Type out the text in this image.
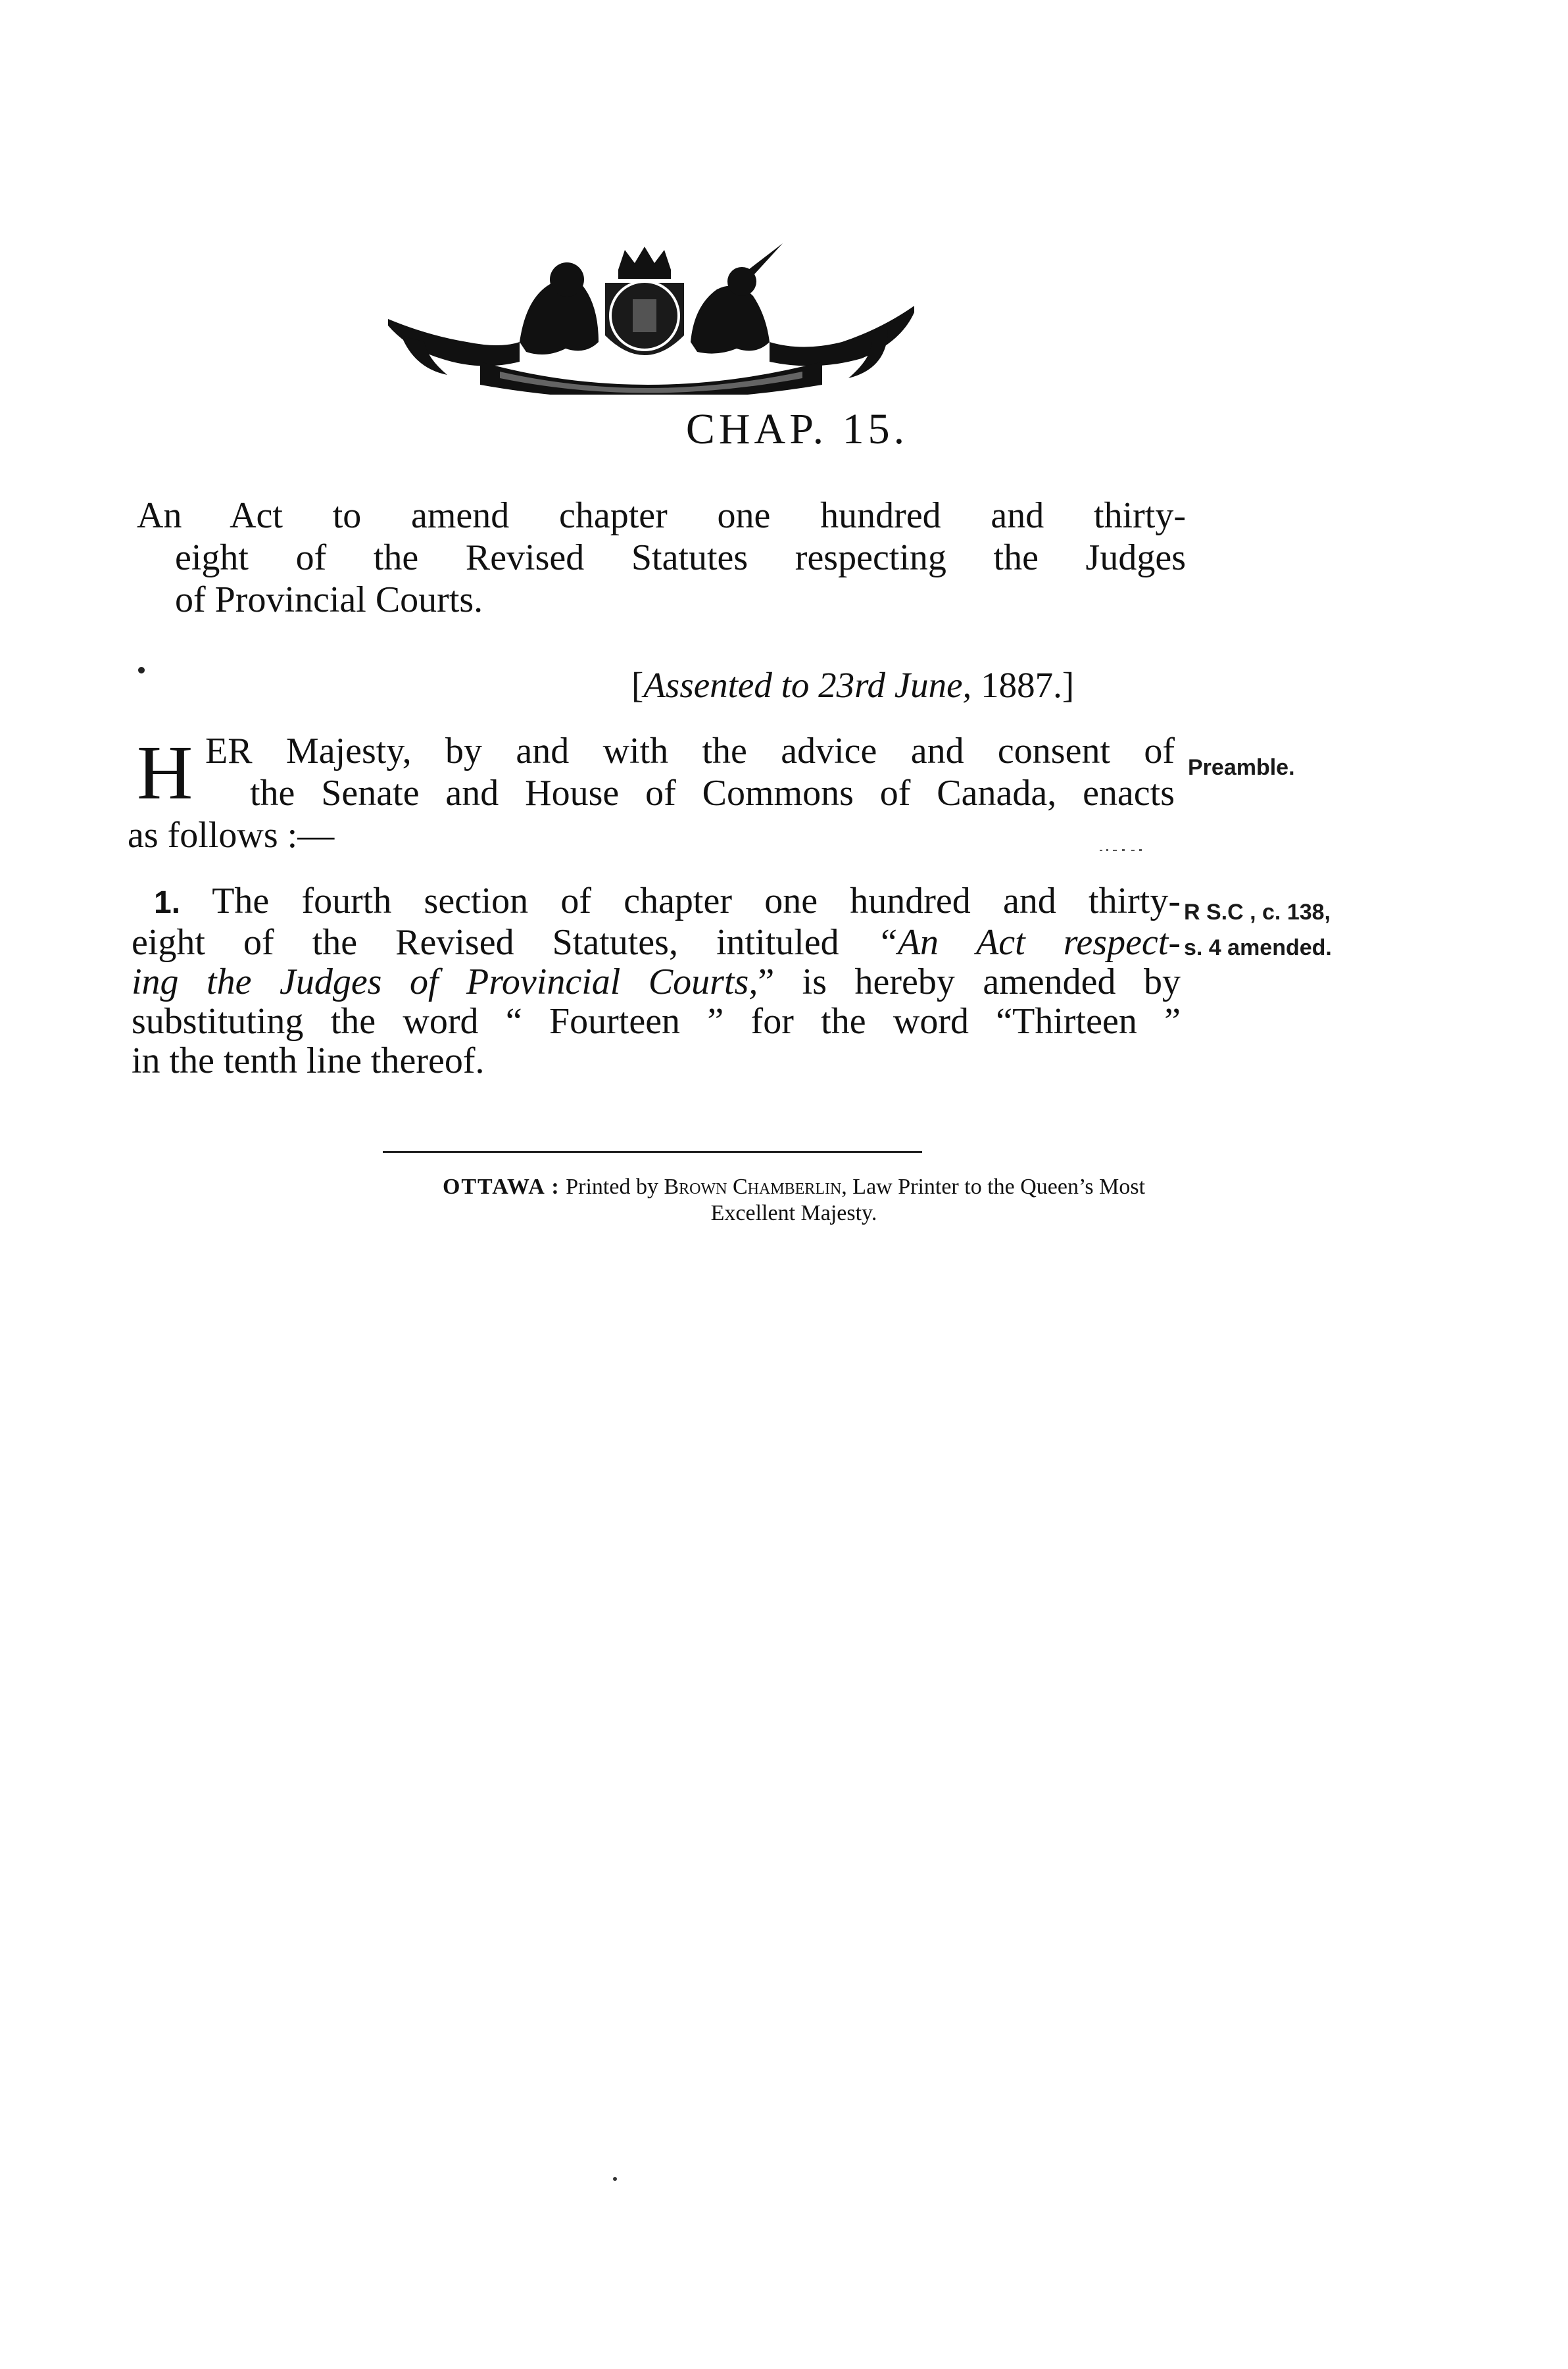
CHAP. 15.
An Act to amend chapter one hundred and thirty-
eight of the Revised Statutes respecting the Judges
of Provincial Courts.
[Assented to 23rd June, 1887.]
H ER Majesty, by and with the advice and consent of
the Senate and House of Commons of Canada, enacts
as follows :—
Preamble.
1. The fourth section of chapter one hundred and thirty-
eight of the Revised Statutes, intituled “An Act respect-
ing the Judges of Provincial Courts,” is hereby amended by
substituting the word “ Fourteen ” for the word “Thirteen ”
in the tenth line thereof.
R S.C , c. 138,
s. 4 amended.
OTTAWA : Printed by Brown Chamberlin, Law Printer to the Queen’s Most
Excellent Majesty.
